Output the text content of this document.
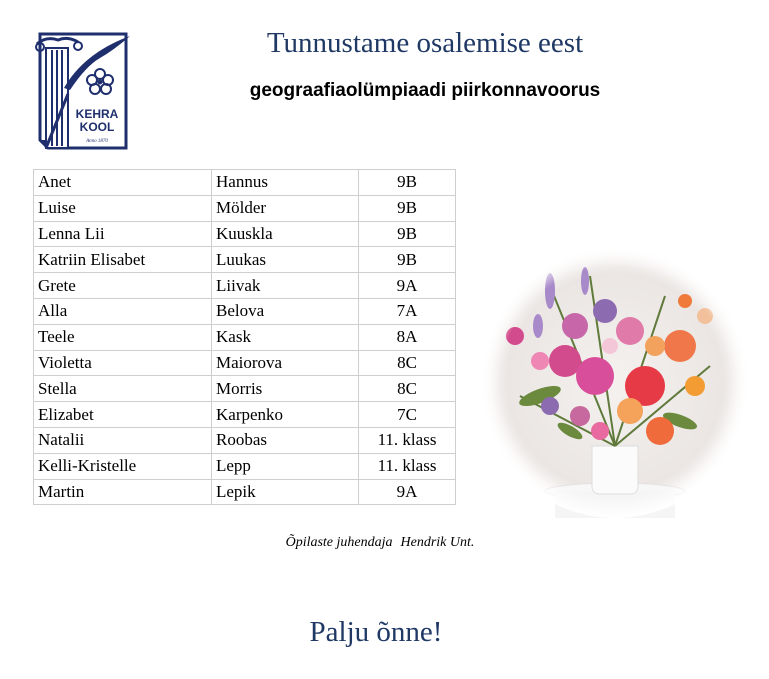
KEHRA
KOOL
Anno 1870
Tunnustame osalemise eest
geograafiaolümpiaadi piirkonnavoorus
Anet	Hannus	9B
Luise	Mölder	9B
Lenna Lii	Kuuskla	9B
Katriin Elisabet	Luukas	9B
Grete	Liivak	9A
Alla	Belova	7A
Teele	Kask	8A
Violetta	Maiorova	8C
Stella	Morris	8C
Elizabet	Karpenko	7C
Natalii	Roobas	11. klass
Kelli-Kristelle	Lepp	11. klass
Martin	Lepik	9A
Õpilaste juhendaja Hendrik Unt.
Palju õnne!
